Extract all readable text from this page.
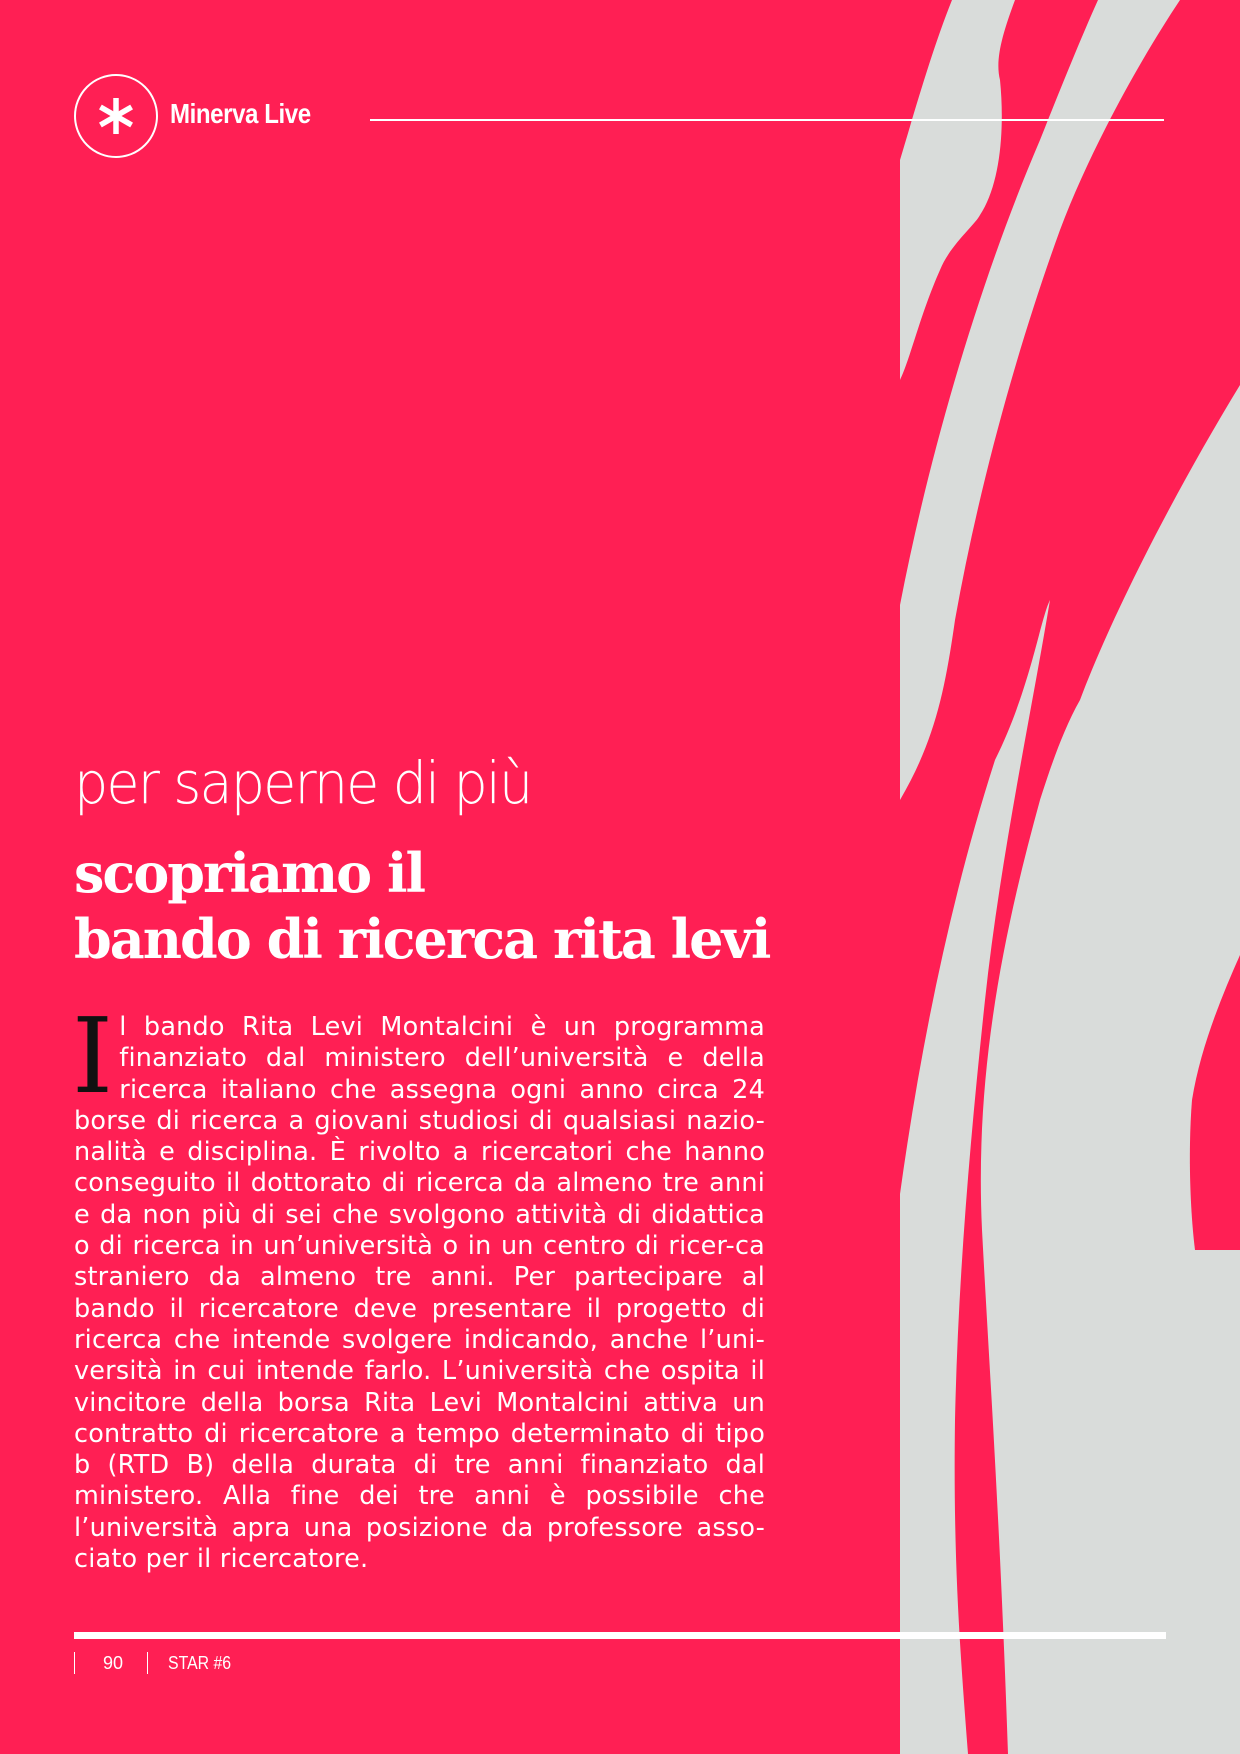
Minerva Live
per saperne di più
scopriamo il
bando di ricerca rita levi

Il bando Rita Levi Montalcini è un programma finanziato dal ministero dell’università e della ricerca italiano che assegna ogni anno circa 24 borse di ricerca a giovani studiosi di qualsiasi nazio-nalità e disciplina. È rivolto a ricercatori che hanno conseguito il dottorato di ricerca da almeno tre anni e da non più di sei che svolgono attività di didattica o di ricerca in un’università o in un centro di ricer-ca straniero da almeno tre anni. Per partecipare al bando il ricercatore deve presentare il progetto di ricerca che intende svolgere indicando, anche l’uni-versità in cui intende farlo. L’università che ospita il vincitore della borsa Rita Levi Montalcini attiva un contratto di ricercatore a tempo determinato di tipo b (RTD B) della durata di tre anni finanziato dal ministero. Alla fine dei tre anni è possibile che l’università apra una posizione da professore asso-ciato per il ricercatore.

90 STAR #6
